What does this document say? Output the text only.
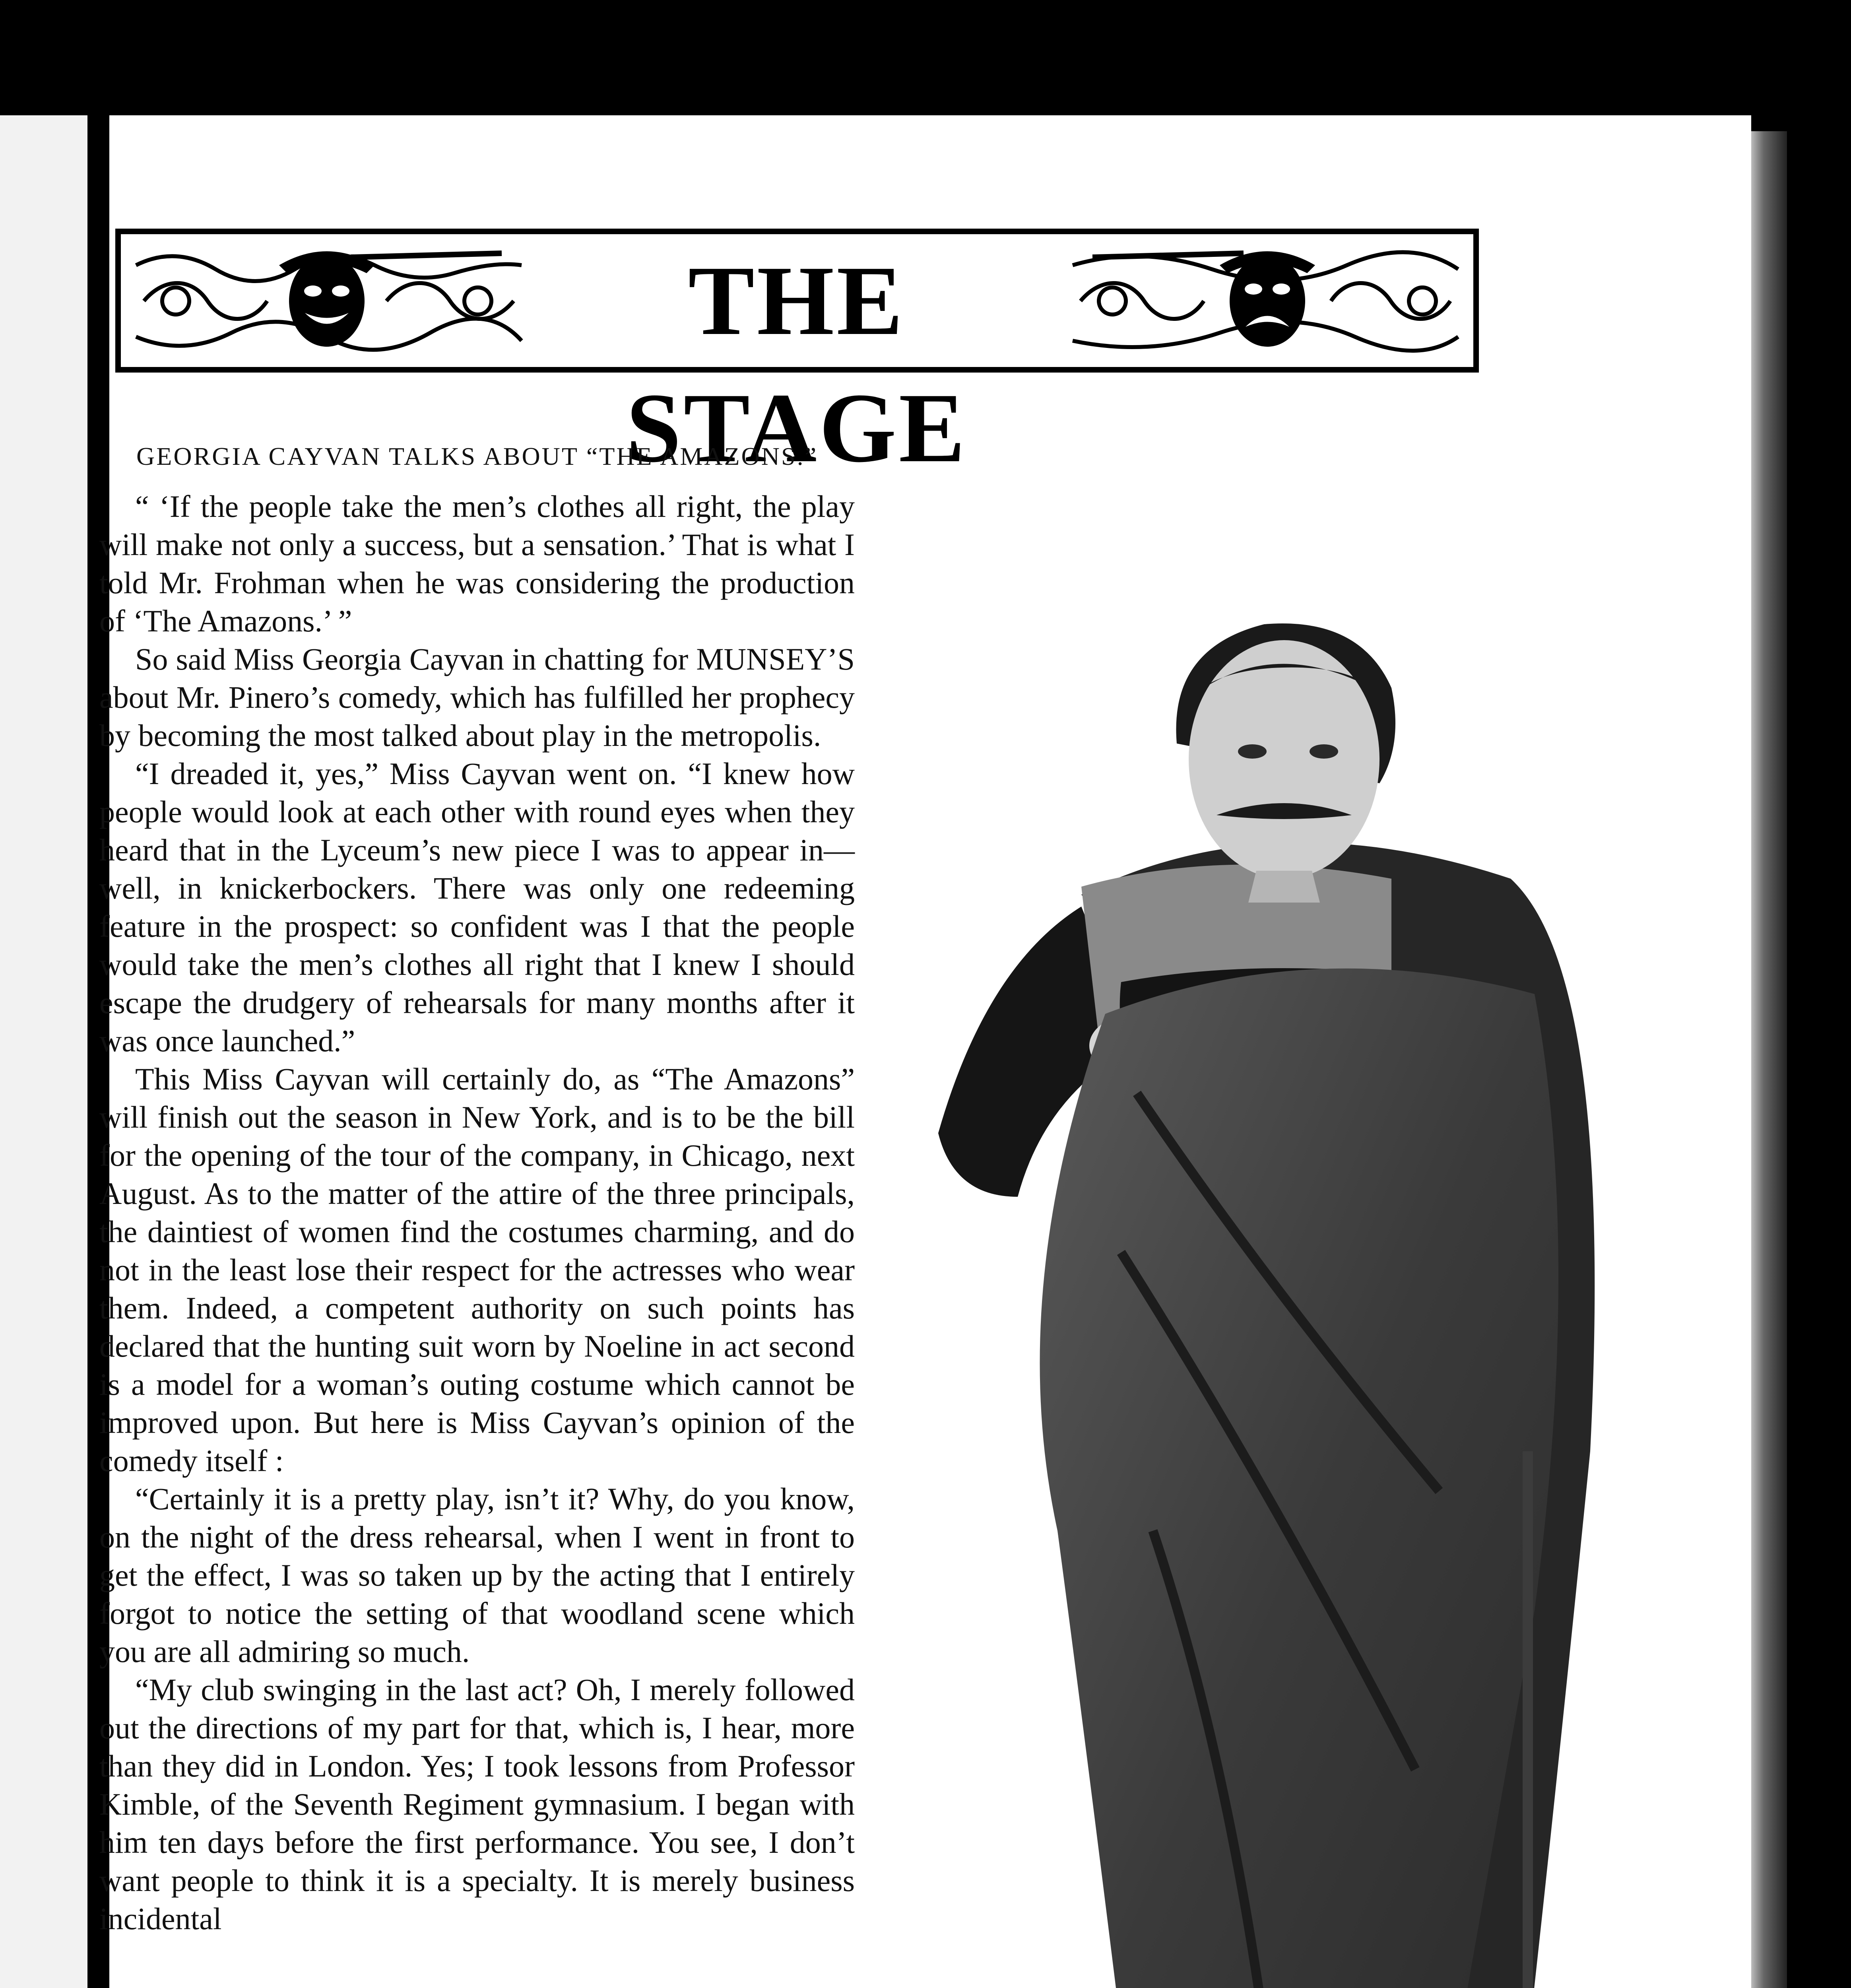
THE STAGE
GEORGIA CAYVAN TALKS ABOUT “THE AMAZONS.”

“ ‘If the people take the men’s clothes all right, the play will make not only a success, but a sensation.’ That is what I told Mr. Frohman when he was considering the production of ‘The Amazons.’ ”

So said Miss Georgia Cayvan in chatting for MUNSEY’S about Mr. Pinero’s comedy, which has fulfilled her prophecy by becoming the most talked about play in the metropolis.

“I dreaded it, yes,” Miss Cayvan went on. “I knew how people would look at each other with round eyes when they heard that in the Lyceum’s new piece I was to appear in—well, in knickerbockers. There was only one redeeming feature in the prospect: so confident was I that the people would take the men’s clothes all right that I knew I should escape the drudgery of rehearsals for many months after it was once launched.”

This Miss Cayvan will certainly do, as “The Amazons” will finish out the season in New York, and is to be the bill for the opening of the tour of the company, in Chicago, next August. As to the matter of the attire of the three principals, the daintiest of women find the costumes charming, and do not in the least lose their respect for the actresses who wear them. Indeed, a competent authority on such points has declared that the hunting suit worn by Noeline in act second is a model for a woman’s outing costume which cannot be improved upon. But here is Miss Cayvan’s opinion of the comedy itself :

“Certainly it is a pretty play, isn’t it? Why, do you know, on the night of the dress rehearsal, when I went in front to get the effect, I was so taken up by the acting that I entirely forgot to notice the setting of that woodland scene which you are all admiring so much.

“My club swinging in the last act? Oh, I merely followed out the directions of my part for that, which is, I hear, more than they did in London. Yes; I took lessons from Professor Kimble, of the Seventh Regiment gymnasium. I began with him ten days before the first performance. You see, I don’t want people to think it is a specialty. It is merely business incidental
